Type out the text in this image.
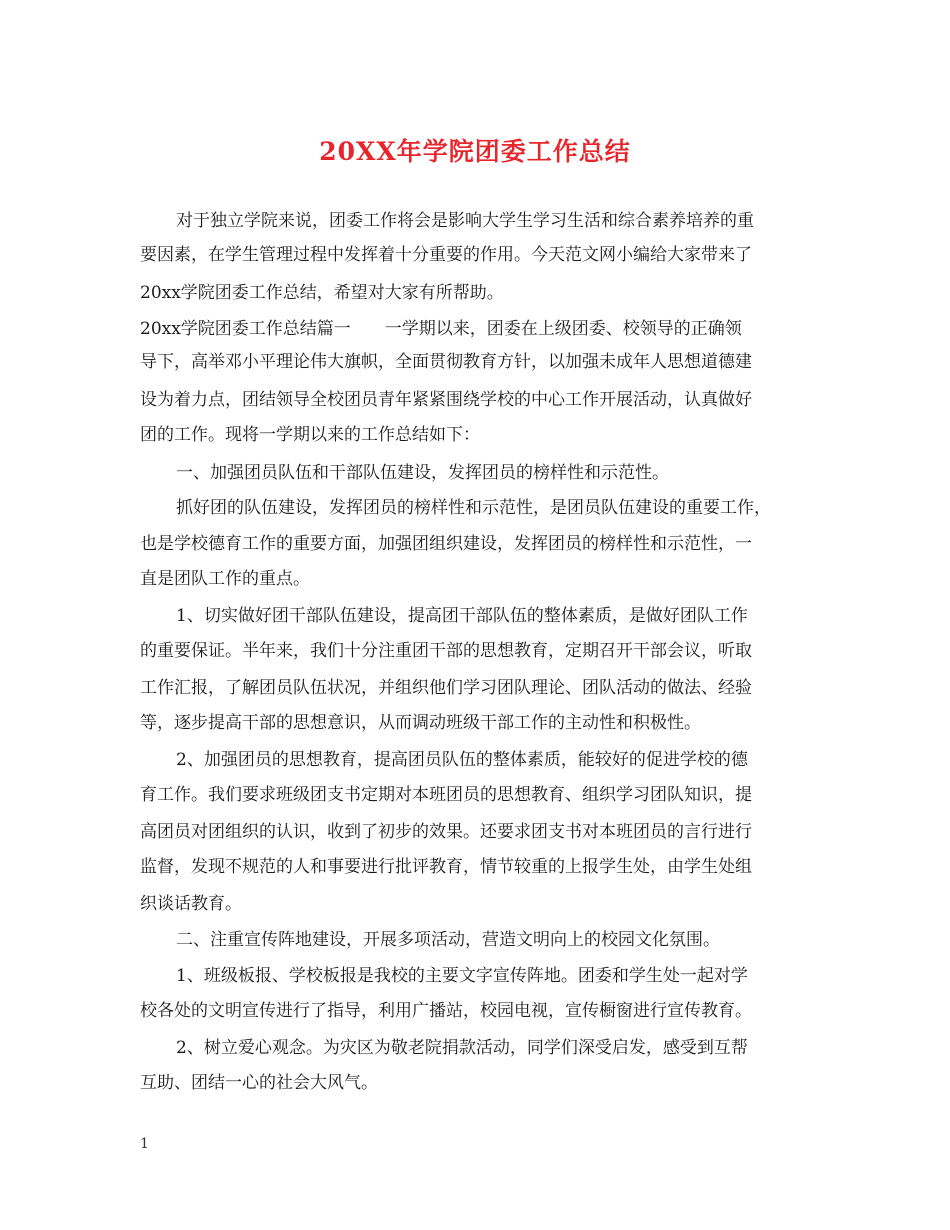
20XX年学院团委工作总结
对于独立学院来说，团委工作将会是影响大学生学习生活和综合素养培养的重
要因素，在学生管理过程中发挥着十分重要的作用。今天范文网小编给大家带来了
20xx学院团委工作总结，希望对大家有所帮助。
20xx学院团委工作总结篇一　　一学期以来，团委在上级团委、校领导的正确领
导下，高举邓小平理论伟大旗帜，全面贯彻教育方针，以加强未成年人思想道德建
设为着力点，团结领导全校团员青年紧紧围绕学校的中心工作开展活动，认真做好
团的工作。现将一学期以来的工作总结如下：
一、加强团员队伍和干部队伍建设，发挥团员的榜样性和示范性。
抓好团的队伍建设，发挥团员的榜样性和示范性，是团员队伍建设的重要工作，
也是学校德育工作的重要方面，加强团组织建设，发挥团员的榜样性和示范性，一
直是团队工作的重点。
1、切实做好团干部队伍建设，提高团干部队伍的整体素质，是做好团队工作
的重要保证。半年来，我们十分注重团干部的思想教育，定期召开干部会议，听取
工作汇报，了解团员队伍状况，并组织他们学习团队理论、团队活动的做法、经验
等，逐步提高干部的思想意识，从而调动班级干部工作的主动性和积极性。
2、加强团员的思想教育，提高团员队伍的整体素质，能较好的促进学校的德
育工作。我们要求班级团支书定期对本班团员的思想教育、组织学习团队知识，提
高团员对团组织的认识，收到了初步的效果。还要求团支书对本班团员的言行进行
监督，发现不规范的人和事要进行批评教育，情节较重的上报学生处，由学生处组
织谈话教育。
二、注重宣传阵地建设，开展多项活动，营造文明向上的校园文化氛围。
1、班级板报、学校板报是我校的主要文字宣传阵地。团委和学生处一起对学
校各处的文明宣传进行了指导，利用广播站，校园电视，宣传橱窗进行宣传教育。
2、树立爱心观念。为灾区为敬老院捐款活动，同学们深受启发，感受到互帮
互助、团结一心的社会大风气。
1
